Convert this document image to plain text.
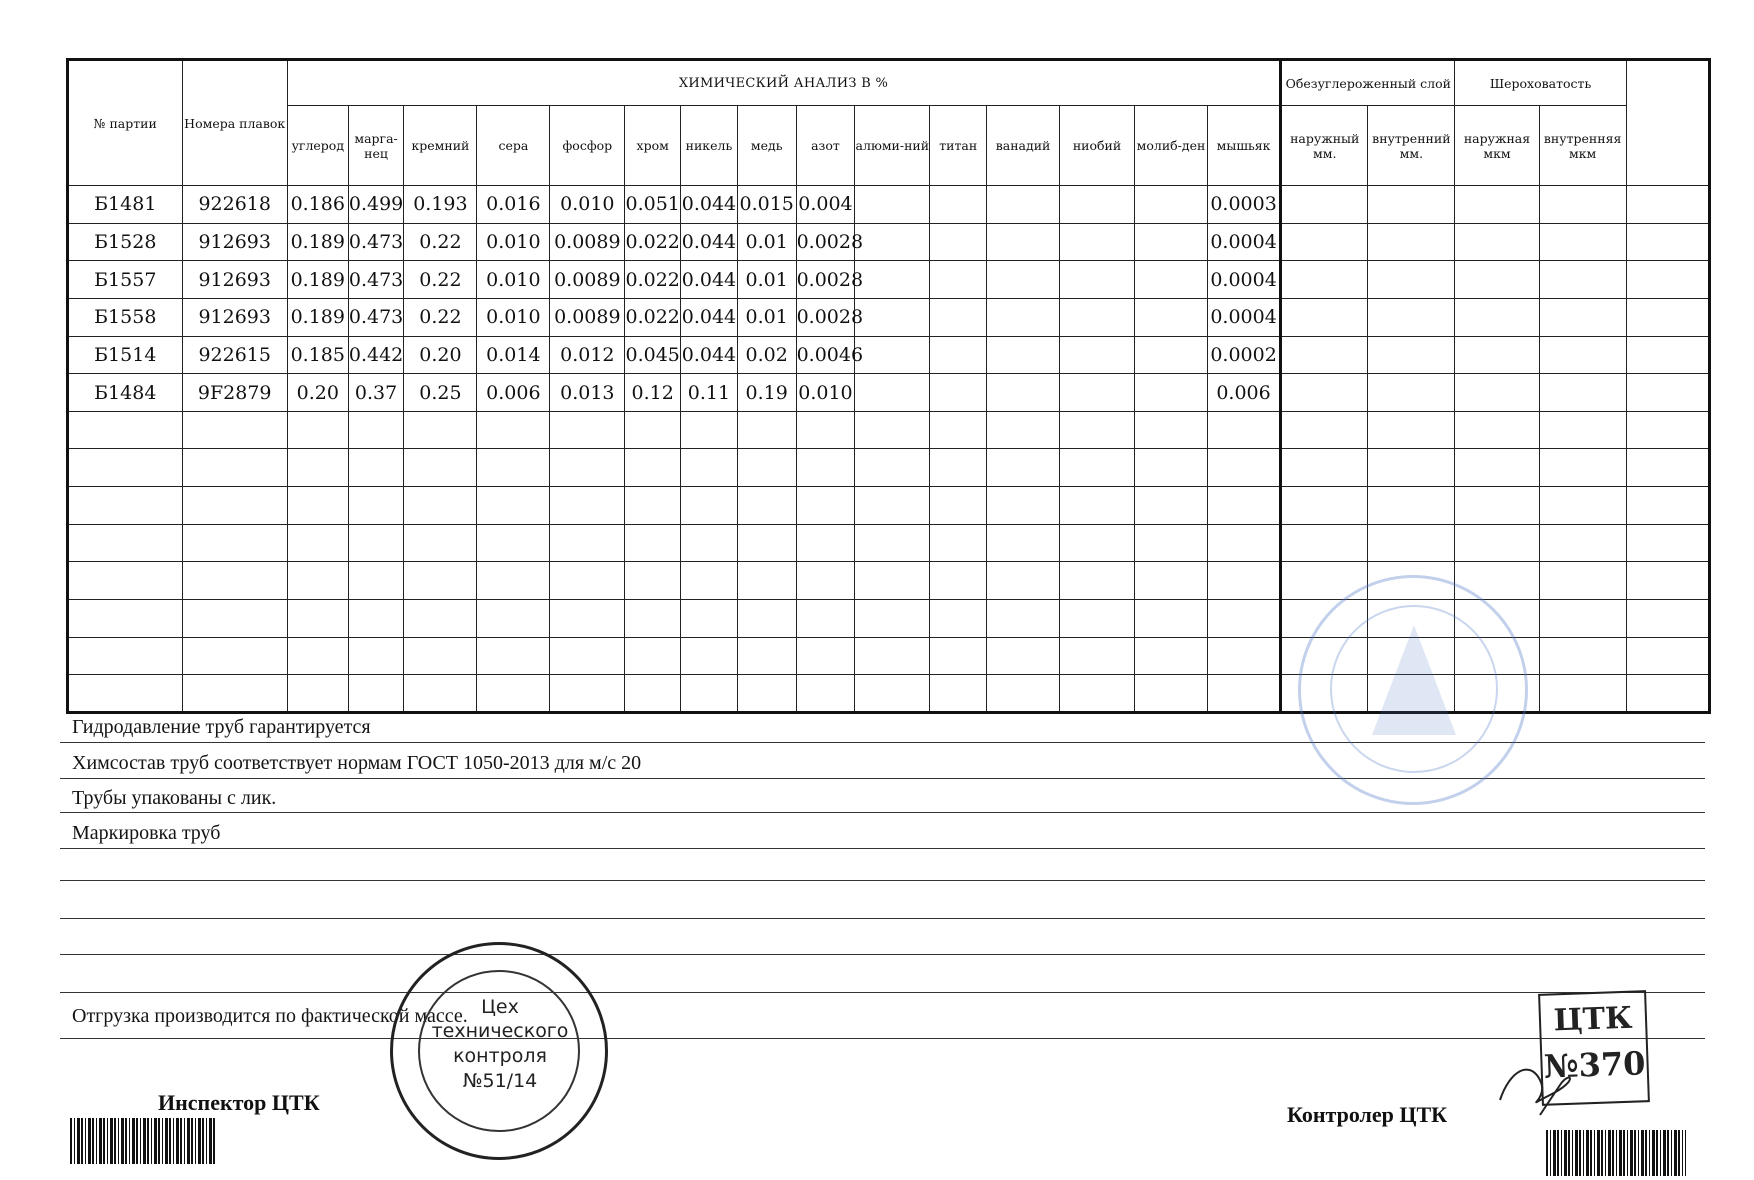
№ партии	Номера плавок	ХИМИЧЕСКИЙ АНАЛИЗ В %															Обезуглероженный слой		Шероховатость		
		углерод	марга-нец	кремний	сера	фосфор	хром	никель	медь	азот	алюми-ний	титан	ванадий	ниобий	молиб-ден	мышьяк	наружный мм.	внутренний мм.	наружная мкм	внутренняя мкм	
Б1481	922618	0.186	0.499	0.193	0.016	0.010	0.051	0.044	0.015	0.004						0.0003					
Б1528	912693	0.189	0.473	0.22	0.010	0.0089	0.022	0.044	0.01	0.0028						0.0004					
Б1557	912693	0.189	0.473	0.22	0.010	0.0089	0.022	0.044	0.01	0.0028						0.0004					
Б1558	912693	0.189	0.473	0.22	0.010	0.0089	0.022	0.044	0.01	0.0028						0.0004					
Б1514	922615	0.185	0.442	0.20	0.014	0.012	0.045	0.044	0.02	0.0046						0.0002					
Б1484	9F2879	0.20	0.37	0.25	0.006	0.013	0.12	0.11	0.19	0.010						0.006					

Гидродавление труб гарантируется
Химсостав труб соответствует нормам ГОСТ 1050-2013 для м/с 20
Трубы упакованы с лик.
Маркировка труб
Отгрузка производится по фактической массе. Цех
технического
контроля
№51/14
ЦТК
№370
Инспектор ЦТК	Контролер ЦТК
